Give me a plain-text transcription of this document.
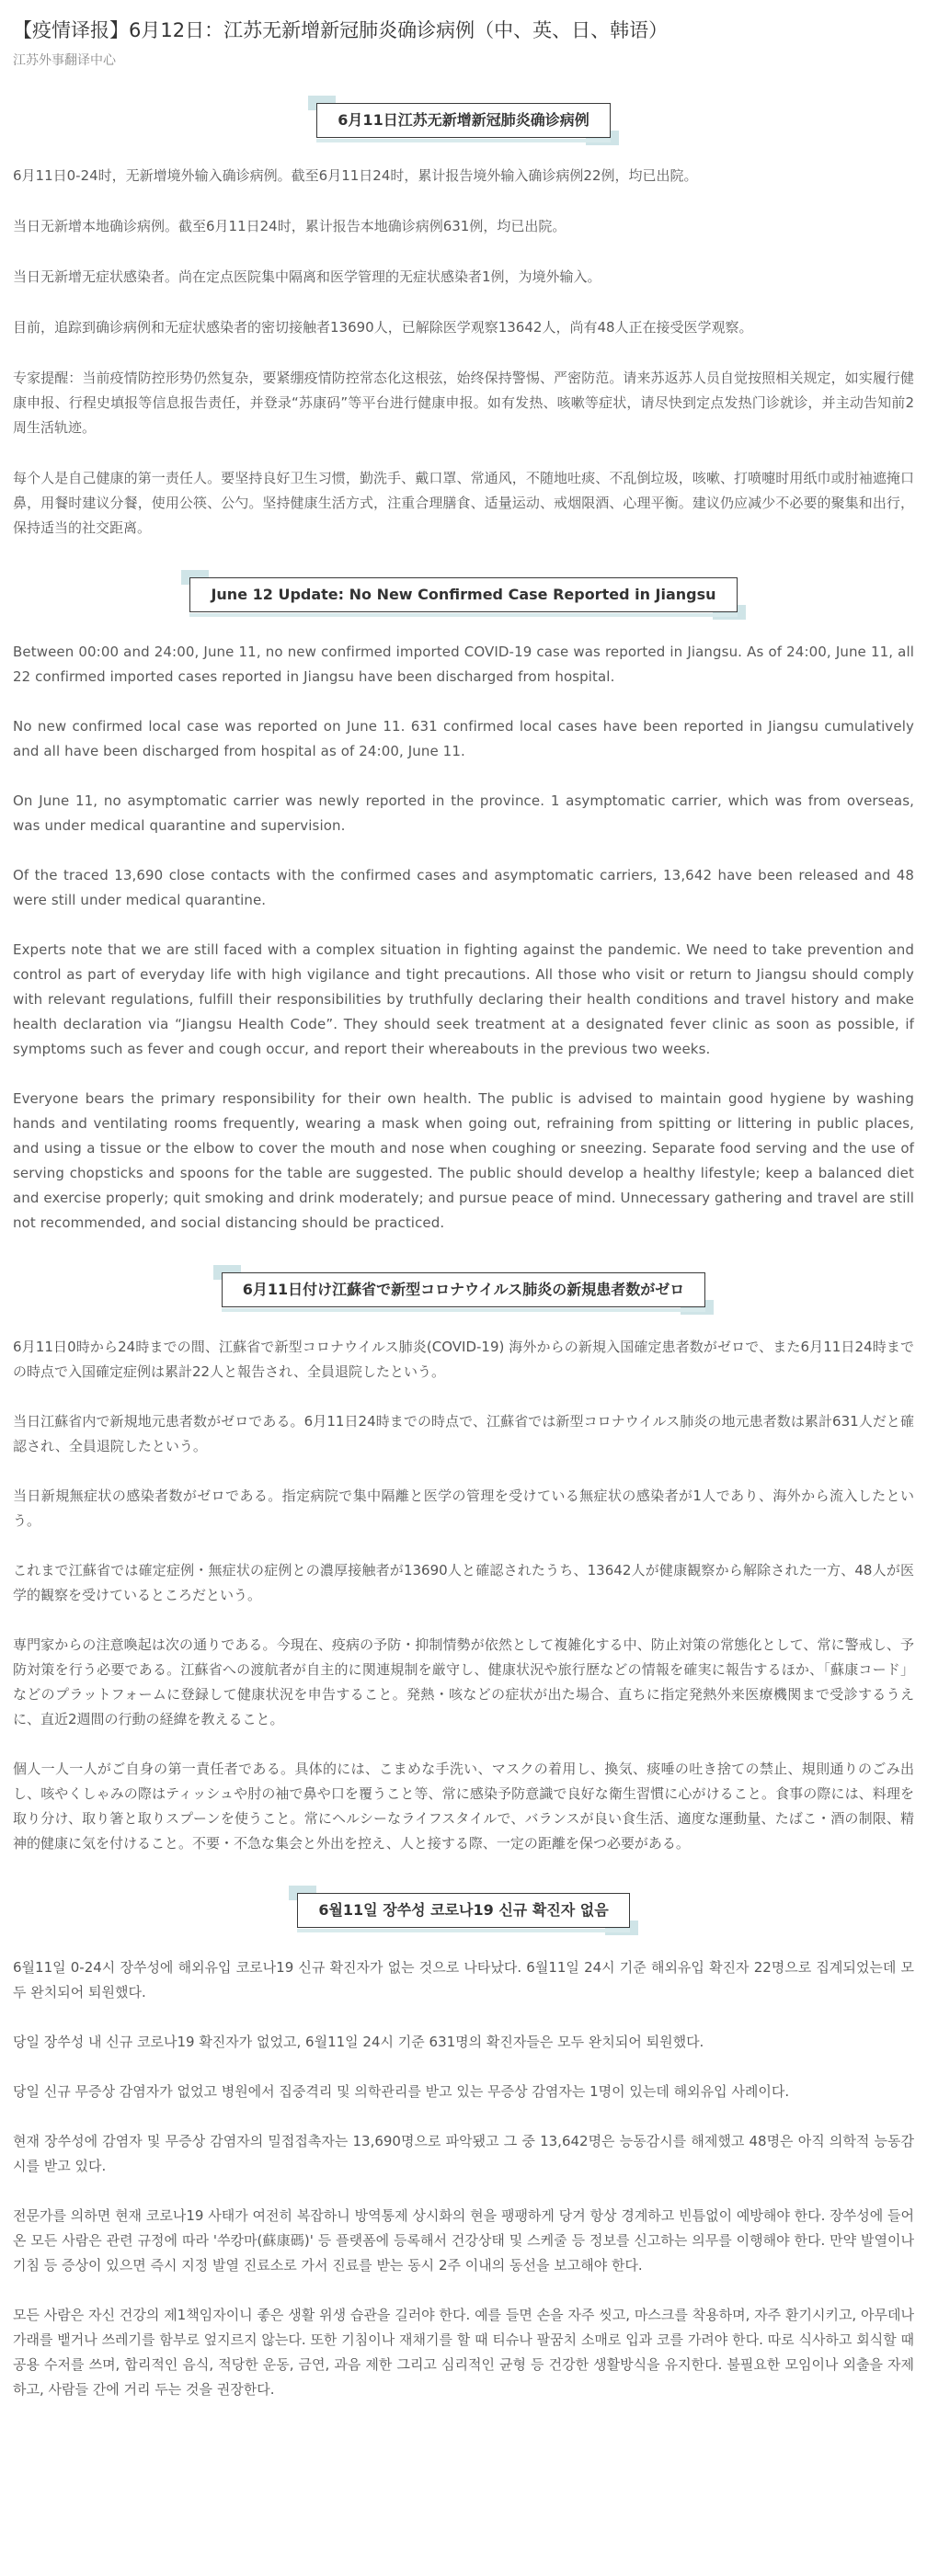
【疫情译报】6月12日：江苏无新增新冠肺炎确诊病例（中、英、日、韩语）
江苏外事翻译中心
6月11日江苏无新增新冠肺炎确诊病例

6月11日0-24时，无新增境外输入确诊病例。截至6月11日24时，累计报告境外输入确诊病例22例，均已出院。

当日无新增本地确诊病例。截至6月11日24时，累计报告本地确诊病例631例，均已出院。

当日无新增无症状感染者。尚在定点医院集中隔离和医学管理的无症状感染者1例，为境外输入。

目前，追踪到确诊病例和无症状感染者的密切接触者13690人，已解除医学观察13642人，尚有48人正在接受医学观察。

专家提醒：当前疫情防控形势仍然复杂，要紧绷疫情防控常态化这根弦，始终保持警惕、严密防范。请来苏返苏人员自觉按照相关规定，如实履行健康申报、行程史填报等信息报告责任，并登录“苏康码”等平台进行健康申报。如有发热、咳嗽等症状，请尽快到定点发热门诊就诊，并主动告知前2周生活轨迹。

每个人是自己健康的第一责任人。要坚持良好卫生习惯，勤洗手、戴口罩、常通风，不随地吐痰、不乱倒垃圾，咳嗽、打喷嚏时用纸巾或肘袖遮掩口鼻，用餐时建议分餐，使用公筷、公勺。坚持健康生活方式，注重合理膳食、适量运动、戒烟限酒、心理平衡。建议仍应减少不必要的聚集和出行，保持适当的社交距离。

June 12 Update: No New Confirmed Case Reported in Jiangsu

Between 00:00 and 24:00, June 11, no new confirmed imported COVID-19 case was reported in Jiangsu. As of 24:00, June 11, all 22 confirmed imported cases reported in Jiangsu have been discharged from hospital.

No new confirmed local case was reported on June 11. 631 confirmed local cases have been reported in Jiangsu cumulatively and all have been discharged from hospital as of 24:00, June 11.

On June 11, no asymptomatic carrier was newly reported in the province. 1 asymptomatic carrier, which was from overseas, was under medical quarantine and supervision.

Of the traced 13,690 close contacts with the confirmed cases and asymptomatic carriers, 13,642 have been released and 48 were still under medical quarantine.

Experts note that we are still faced with a complex situation in fighting against the pandemic. We need to take prevention and control as part of everyday life with high vigilance and tight precautions. All those who visit or return to Jiangsu should comply with relevant regulations, fulfill their responsibilities by truthfully declaring their health conditions and travel history and make health declaration via “Jiangsu Health Code”. They should seek treatment at a designated fever clinic as soon as possible, if symptoms such as fever and cough occur, and report their whereabouts in the previous two weeks.

Everyone bears the primary responsibility for their own health. The public is advised to maintain good hygiene by washing hands and ventilating rooms frequently, wearing a mask when going out, refraining from spitting or littering in public places, and using a tissue or the elbow to cover the mouth and nose when coughing or sneezing. Separate food serving and the use of serving chopsticks and spoons for the table are suggested. The public should develop a healthy lifestyle; keep a balanced diet and exercise properly; quit smoking and drink moderately; and pursue peace of mind. Unnecessary gathering and travel are still not recommended, and social distancing should be practiced.

6月11日付け江蘇省で新型コロナウイルス肺炎の新規患者数がゼロ

6月11日0時から24時までの間、江蘇省で新型コロナウイルス肺炎(COVID-19) 海外からの新規入国確定患者数がゼロで、また6月11日24時までの時点で入国確定症例は累計22人と報告され、全員退院したという。

当日江蘇省内で新規地元患者数がゼロである。6月11日24時までの時点で、江蘇省では新型コロナウイルス肺炎の地元患者数は累計631人だと確認され、全員退院したという。

当日新規無症状の感染者数がゼロである。指定病院で集中隔離と医学の管理を受けている無症状の感染者が1人であり、海外から流入したという。

これまで江蘇省では確定症例・無症状の症例との濃厚接触者が13690人と確認されたうち、13642人が健康観察から解除された一方、48人が医学的観察を受けているところだという。

専門家からの注意喚起は次の通りである。今現在、疫病の予防・抑制情勢が依然として複雑化する中、防止対策の常態化として、常に警戒し、予防対策を行う必要である。江蘇省への渡航者が自主的に関連規制を厳守し、健康状況や旅行歴などの情報を確実に報告するほか、「蘇康コード」などのプラットフォームに登録して健康状況を申告すること。発熱・咳などの症状が出た場合、直ちに指定発熱外来医療機関まで受診するうえに、直近2週間の行動の経緯を教えること。

個人一人一人がご自身の第一責任者である。具体的には、こまめな手洗い、マスクの着用し、換気、痰唾の吐き捨ての禁止、規則通りのごみ出し、咳やくしゃみの際はティッシュや肘の袖で鼻や口を覆うこと等、常に感染予防意識で良好な衛生習慣に心がけること。食事の際には、料理を取り分け、取り箸と取りスプーンを使うこと。常にヘルシーなライフスタイルで、バランスが良い食生活、適度な運動量、たばこ・酒の制限、精神的健康に気を付けること。不要・不急な集会と外出を控え、人と接する際、一定の距離を保つ必要がある。

6월11일 장쑤성 코로나19 신규 확진자 없음

6월11일 0-24시 장쑤성에 해외유입 코로나19 신규 확진자가 없는 것으로 나타났다. 6월11일 24시 기준 해외유입 확진자 22명으로 집계되었는데 모두 완치되어 퇴원했다.

당일 장쑤성 내 신규 코로나19 확진자가 없었고, 6월11일 24시 기준 631명의 확진자들은 모두 완치되어 퇴원했다.

당일 신규 무증상 감염자가 없었고 병원에서 집중격리 및 의학관리를 받고 있는 무증상 감염자는 1명이 있는데 해외유입 사례이다.

현재 장쑤성에 감염자 및 무증상 감염자의 밀접접촉자는 13,690명으로 파악됐고 그 중 13,642명은 능동감시를 해제했고 48명은 아직 의학적 능동감시를 받고 있다.

전문가를 의하면 현재 코로나19 사태가 여전히 복잡하니 방역통제 상시화의 현을 팽팽하게 당겨 항상 경계하고 빈틈없이 예방해야 한다. 장쑤성에 들어온 모든 사람은 관련 규정에 따라 '쑤캉마(蘇康碼)' 등 플랫폼에 등록해서 건강상태 및 스케줄 등 정보를 신고하는 의무를 이행해야 한다. 만약 발열이나 기침 등 증상이 있으면 즉시 지정 발열 진료소로 가서 진료를 받는 동시 2주 이내의 동선을 보고해야 한다.

모든 사람은 자신 건강의 제1책임자이니 좋은 생활 위생 습관을 길러야 한다. 예를 들면 손을 자주 씻고, 마스크를 착용하며, 자주 환기시키고, 아무데나 가래를 뱉거나 쓰레기를 함부로 엎지르지 않는다. 또한 기침이나 재채기를 할 때 티슈나 팔꿈치 소매로 입과 코를 가려야 한다. 따로 식사하고 회식할 때 공용 수저를 쓰며, 합리적인 음식, 적당한 운동, 금연, 과음 제한 그리고 심리적인 균형 등 건강한 생활방식을 유지한다. 불필요한 모임이나 외출을 자제하고, 사람들 간에 거리 두는 것을 권장한다.
